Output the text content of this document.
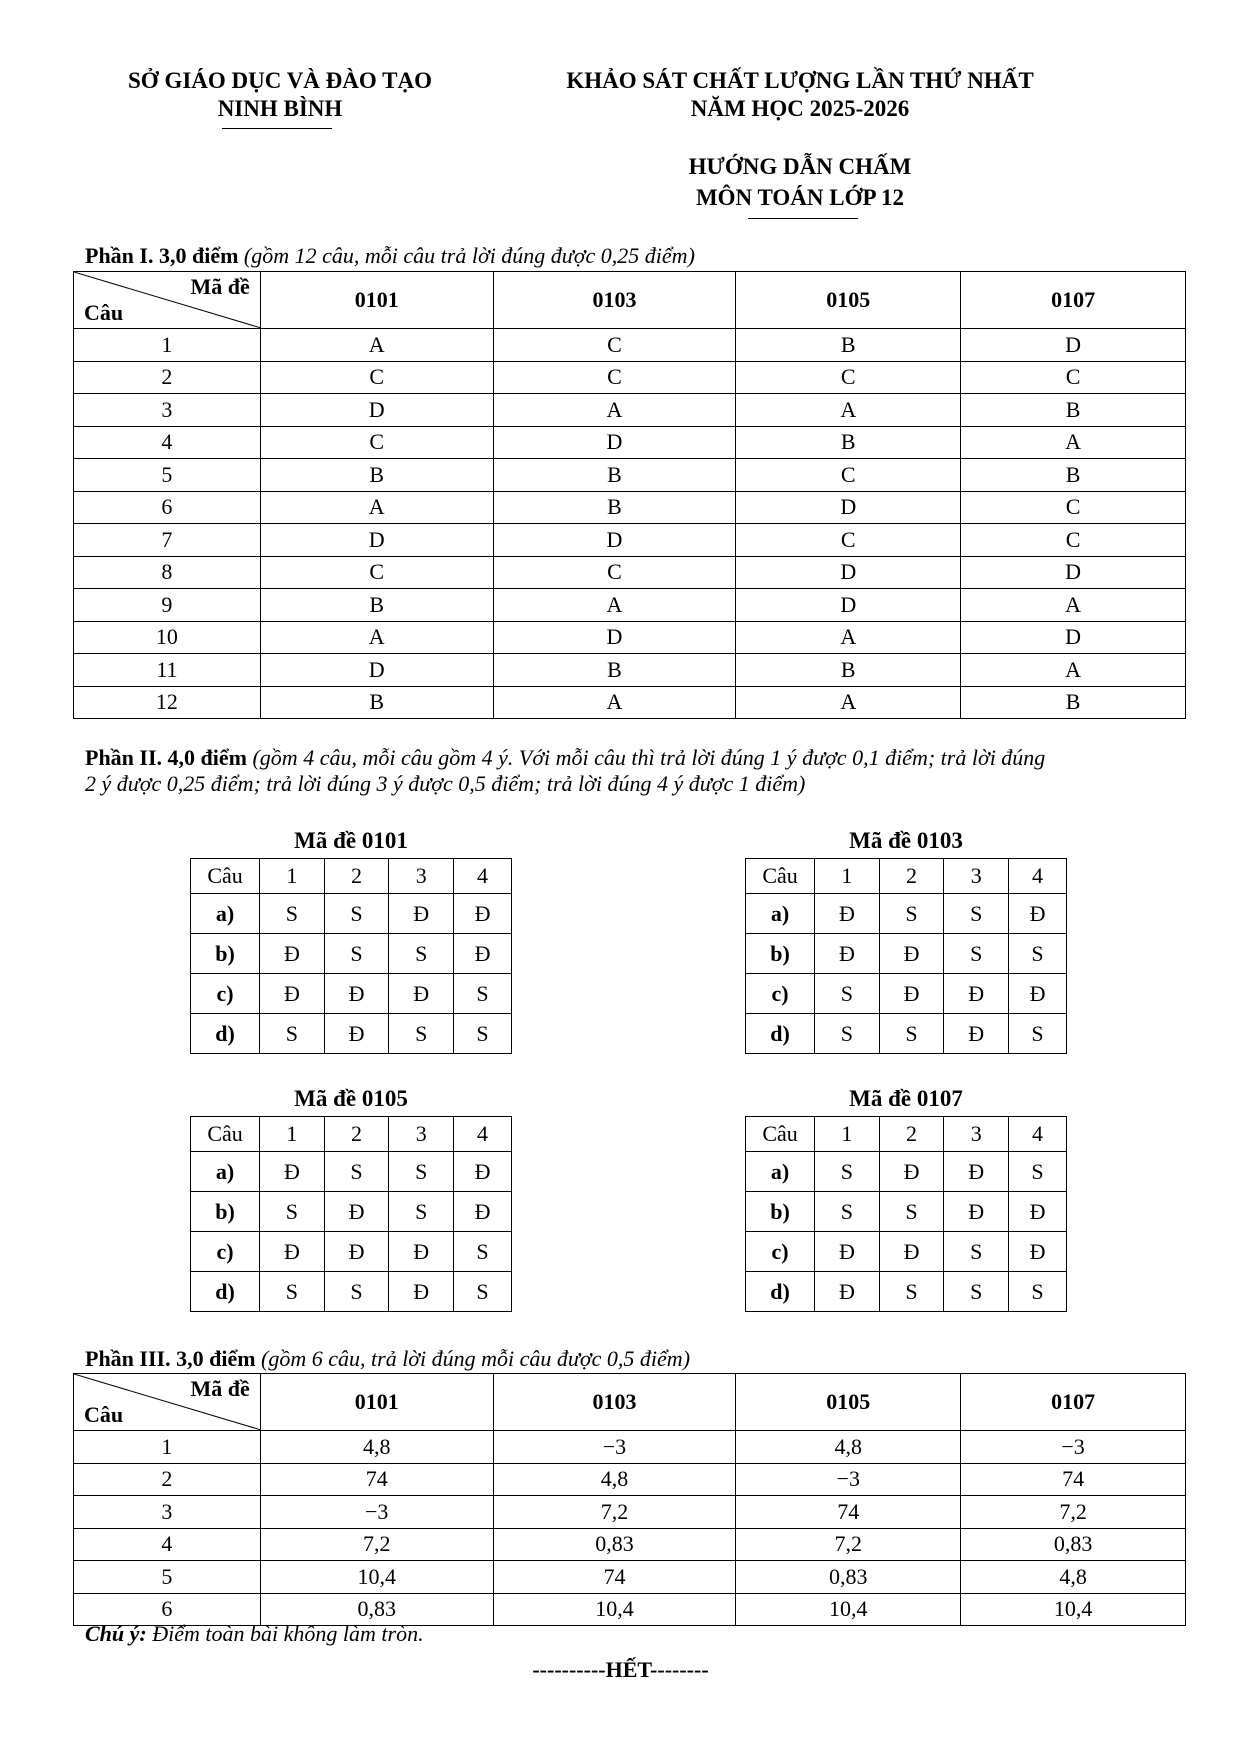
SỞ GIÁO DỤC VÀ ĐÀO TẠO
NINH BÌNH
KHẢO SÁT CHẤT LƯỢNG LẦN THỨ NHẤT
NĂM HỌC 2025-2026
HƯỚNG DẪN CHẤM
MÔN TOÁN LỚP 12
Phần I. 3,0 điểm (gồm 12 câu, mỗi câu trả lời đúng được 0,25 điểm)
Mã đề
Câu	0101	0103	0105	0107
1	A	C	B	D
2	C	C	C	C
3	D	A	A	B
4	C	D	B	A
5	B	B	C	B
6	A	B	D	C
7	D	D	C	C
8	C	C	D	D
9	B	A	D	A
10	A	D	A	D
11	D	B	B	A
12	B	A	A	B
Phần II. 4,0 điểm (gồm 4 câu, mỗi câu gồm 4 ý. Với mỗi câu thì trả lời đúng 1 ý được 0,1 điểm; trả lời đúng
2 ý được 0,25 điểm; trả lời đúng 3 ý được 0,5 điểm; trả lời đúng 4 ý được 1 điểm)
Mã đề 0101
Câu	1	2	3	4
a)	S	S	Đ	Đ
b)	Đ	S	S	Đ
c)	Đ	Đ	Đ	S
d)	S	Đ	S	S
Mã đề 0103
Câu	1	2	3	4
a)	Đ	S	S	Đ
b)	Đ	Đ	S	S
c)	S	Đ	Đ	Đ
d)	S	S	Đ	S
Mã đề 0105
Câu	1	2	3	4
a)	Đ	S	S	Đ
b)	S	Đ	S	Đ
c)	Đ	Đ	Đ	S
d)	S	S	Đ	S
Mã đề 0107
Câu	1	2	3	4
a)	S	Đ	Đ	S
b)	S	S	Đ	Đ
c)	Đ	Đ	S	Đ
d)	Đ	S	S	S
Phần III. 3,0 điểm (gồm 6 câu, trả lời đúng mỗi câu được 0,5 điểm)
Mã đề
Câu	0101	0103	0105	0107
1	4,8	−3	4,8	−3
2	74	4,8	−3	74
3	−3	7,2	74	7,2
4	7,2	0,83	7,2	0,83
5	10,4	74	0,83	4,8
6	0,83	10,4	10,4	10,4
Chú ý: Điểm toàn bài không làm tròn.
----------HẾT--------
